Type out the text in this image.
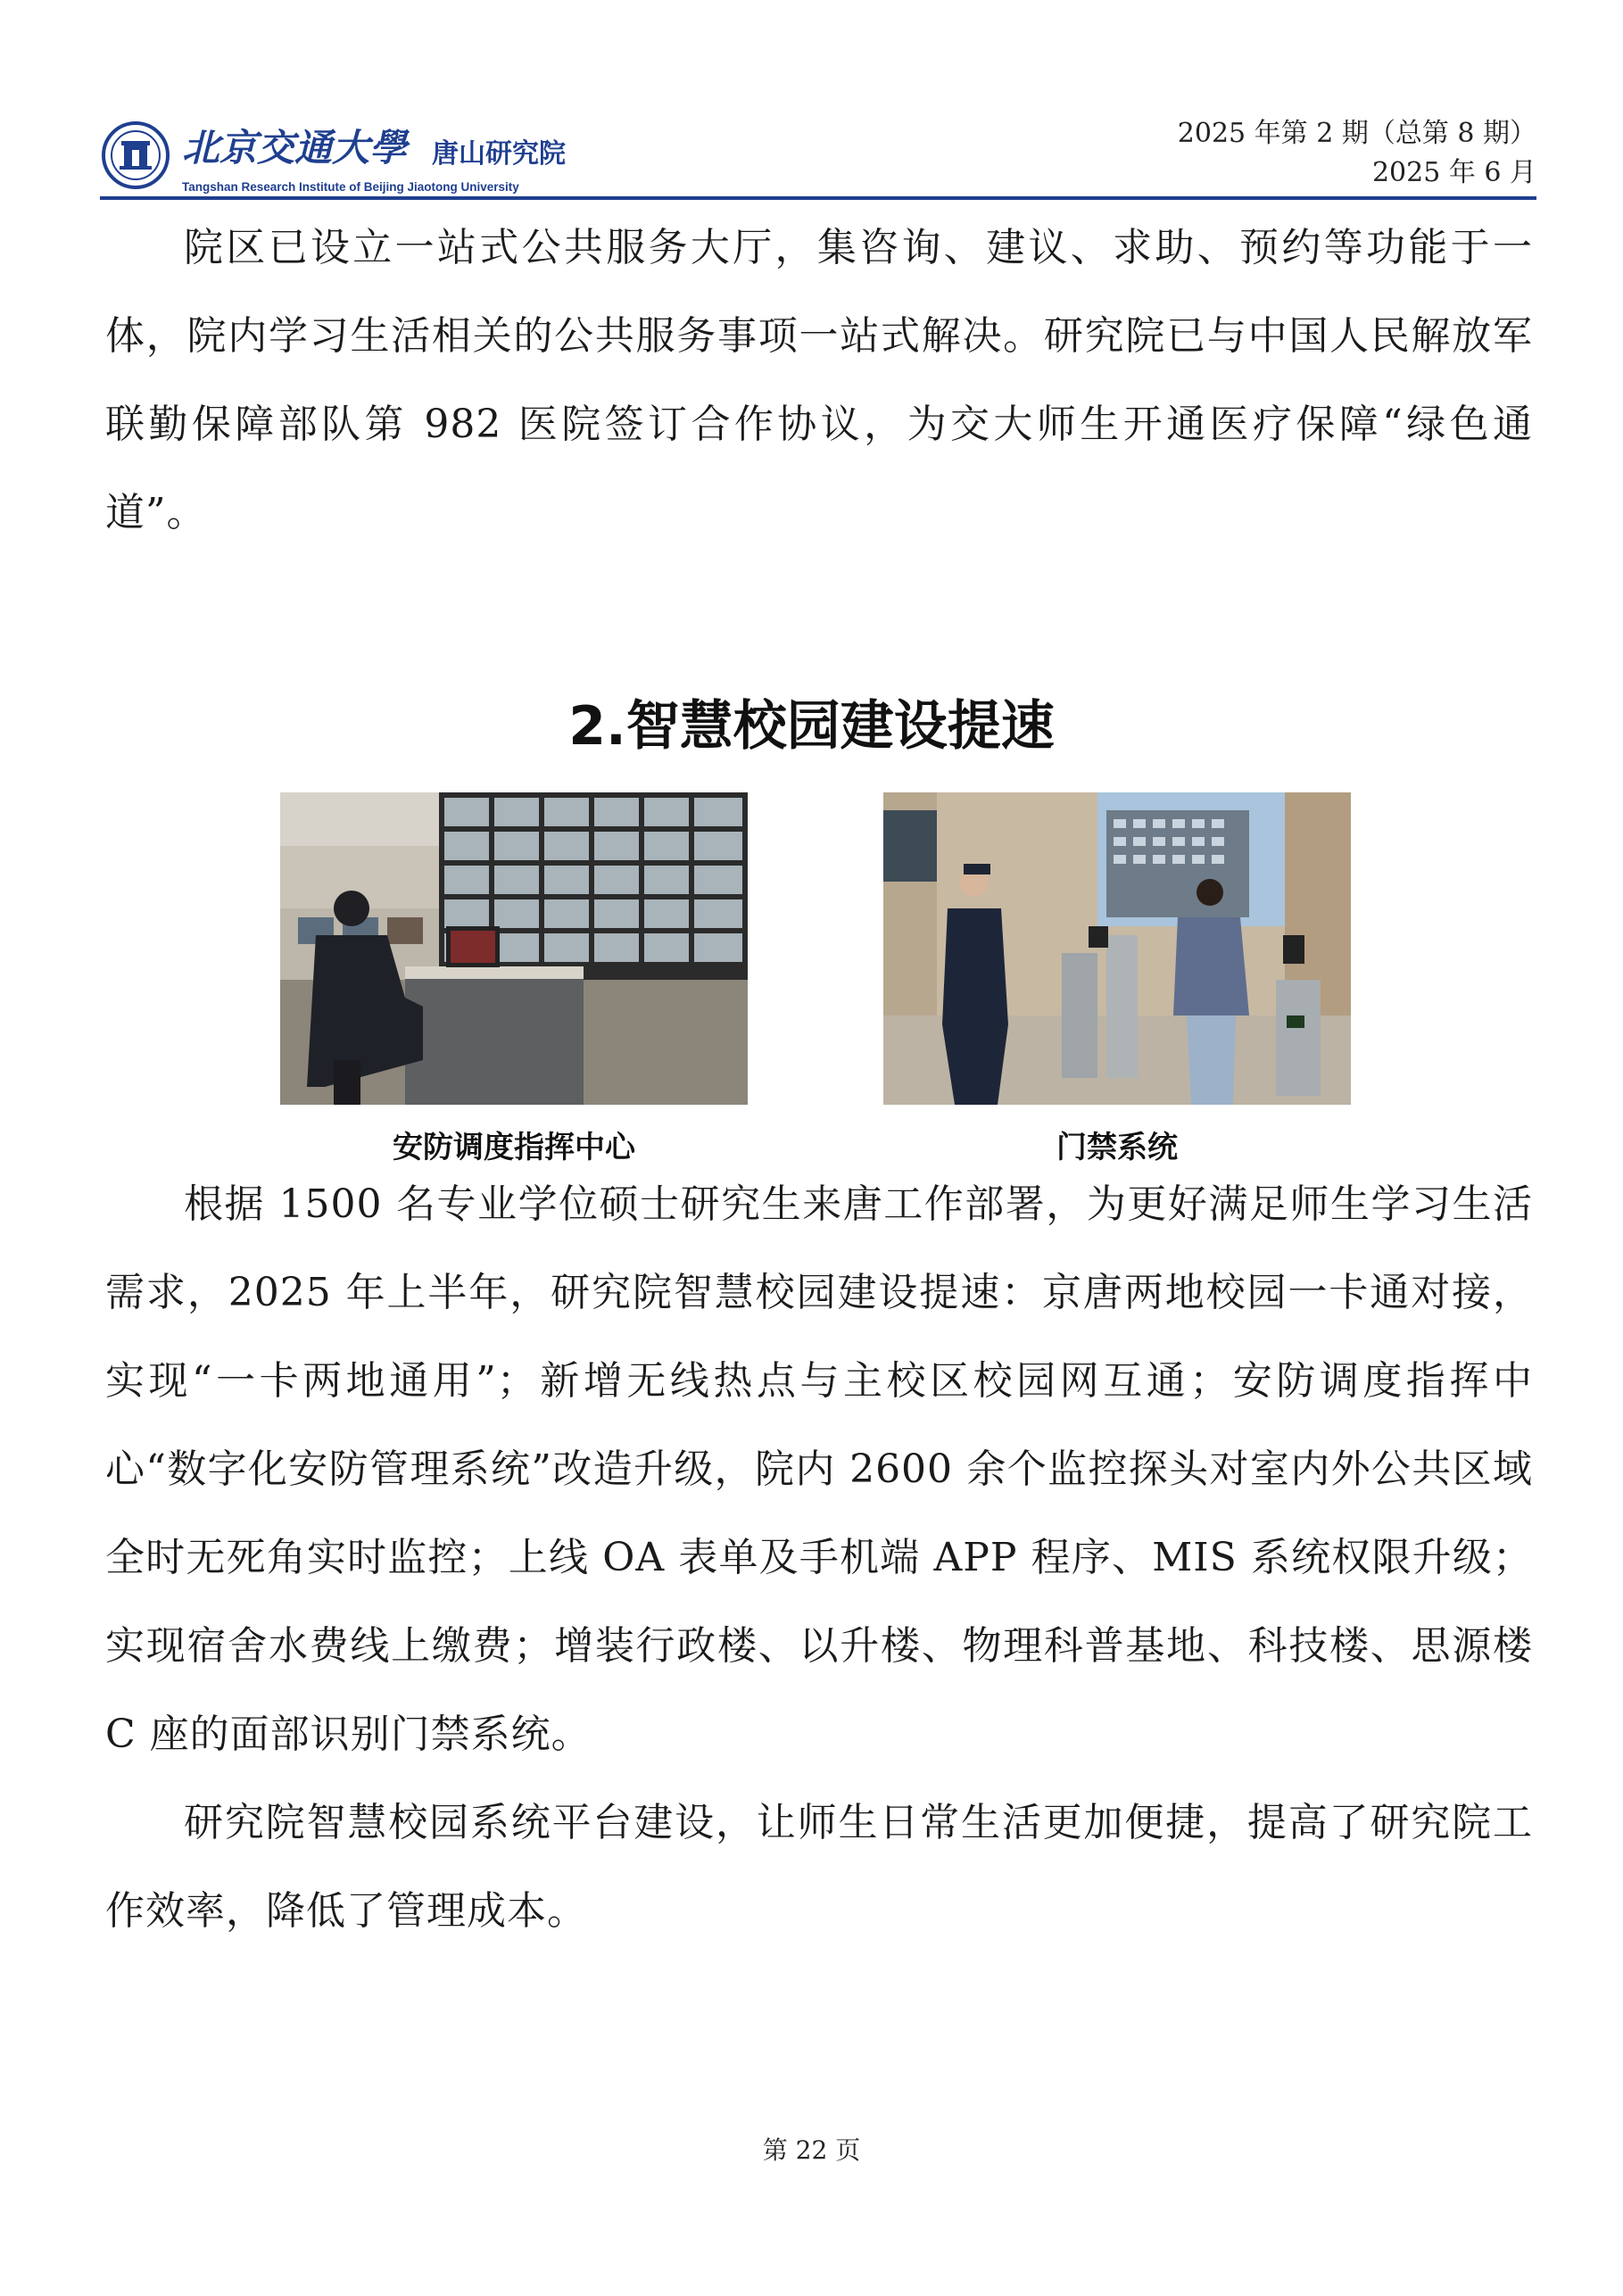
北京交通大學 唐山研究院
Tangshan Research Institute of Beijing Jiaotong University
2025 年第 2 期（总第 8 期）
2025 年 6 月

院区已设立一站式公共服务大厅，集咨询、建议、求助、预约等功能于一体，院内学习生活相关的公共服务事项一站式解决。研究院已与中国人民解放军联勤保障部队第 982 医院签订合作协议，为交大师生开通医疗保障“绿色通道”。

2.智慧校园建设提速
安防调度指挥中心	门禁系统

根据 1500 名专业学位硕士研究生来唐工作部署，为更好满足师生学习生活需求，2025 年上半年，研究院智慧校园建设提速：京唐两地校园一卡通对接，实现“一卡两地通用”；新增无线热点与主校区校园网互通；安防调度指挥中心“数字化安防管理系统”改造升级，院内 2600 余个监控探头对室内外公共区域全时无死角实时监控；上线 OA 表单及手机端 APP 程序、MIS 系统权限升级；实现宿舍水费线上缴费；增装行政楼、以升楼、物理科普基地、科技楼、思源楼 C 座的面部识别门禁系统。

研究院智慧校园系统平台建设，让师生日常生活更加便捷，提高了研究院工作效率，降低了管理成本。

第 22 页
